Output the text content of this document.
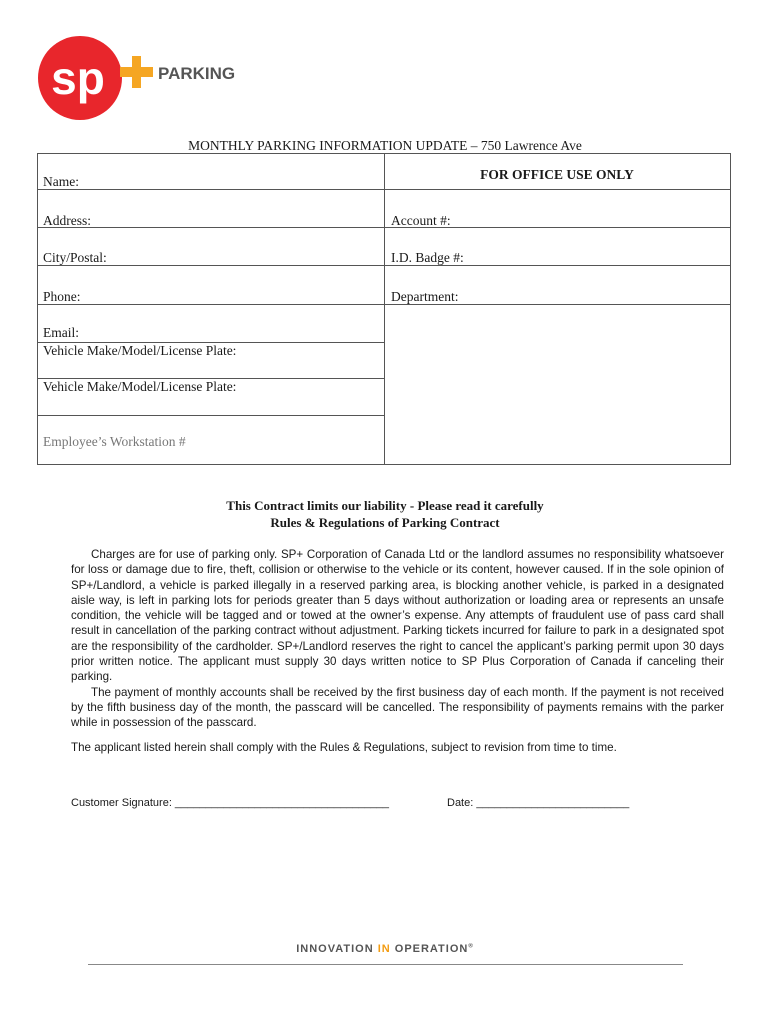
sp	PARKING
MONTHLY PARKING INFORMATION UPDATE – 750 Lawrence Ave
Name:	FOR OFFICE USE ONLY
Address:	Account #:
City/Postal:	I.D. Badge #:
Phone:	Department:
Email:
Vehicle Make/Model/License Plate:
Vehicle Make/Model/License Plate:
Employee’s Workstation #
This Contract limits our liability - Please read it carefully
Rules & Regulations of Parking Contract

Charges are for use of parking only. SP+ Corporation of Canada Ltd or the landlord assumes no responsibility whatsoever for loss or damage due to fire, theft, collision or otherwise to the vehicle or its content, however caused. If in the sole opinion of SP+/Landlord, a vehicle is parked illegally in a reserved parking area, is blocking another vehicle, is parked in a designated aisle way, is left in parking lots for periods greater than 5 days without authorization or loading area or represents an unsafe condition, the vehicle will be tagged and or towed at the owner’s expense. Any attempts of fraudulent use of pass card shall result in cancellation of the parking contract without adjustment. Parking tickets incurred for failure to park in a designated spot are the responsibility of the cardholder. SP+/Landlord reserves the right to cancel the applicant’s parking permit upon 30 days prior written notice. The applicant must supply 30 days written notice to SP Plus Corporation of Canada if canceling their parking.

The payment of monthly accounts shall be received by the first business day of each month. If the payment is not received by the fifth business day of the month, the passcard will be cancelled. The responsibility of payments remains with the parker while in possession of the passcard.

The applicant listed herein shall comply with the Rules & Regulations, subject to revision from time to time.
Customer Signature: ___________________________________	Date: _________________________
INNOVATION IN OPERATION®
